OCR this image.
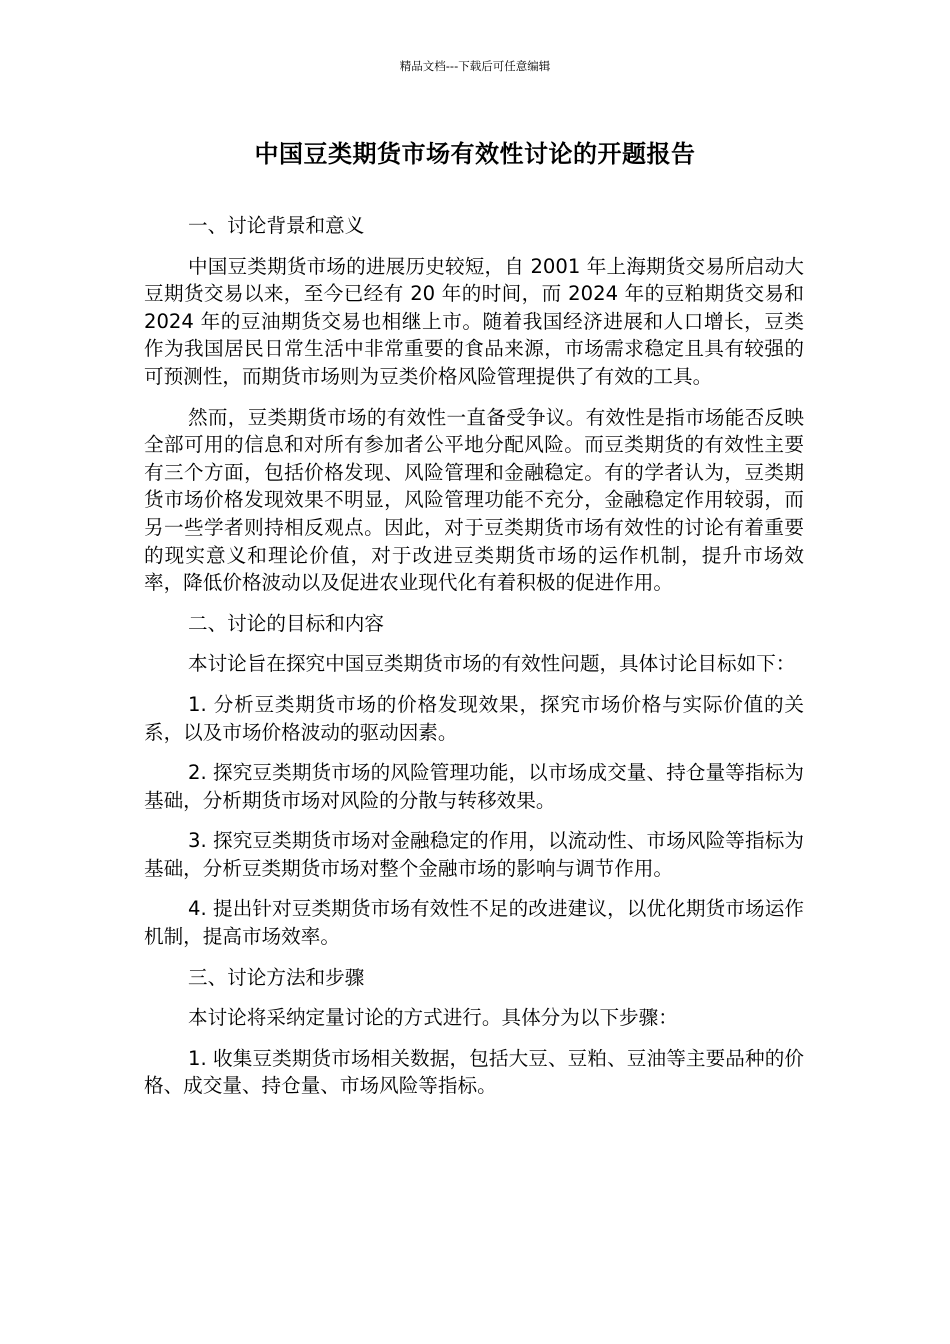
精品文档---下载后可任意编辑
中国豆类期货市场有效性讨论的开题报告

一、讨论背景和意义

中国豆类期货市场的进展历史较短，自 2001 年上海期货交易所启动大豆期货交易以来，至今已经有 20 年的时间，而 2024 年的豆粕期货交易和 2024 年的豆油期货交易也相继上市。随着我国经济进展和人口增长，豆类作为我国居民日常生活中非常重要的食品来源，市场需求稳定且具有较强的可预测性，而期货市场则为豆类价格风险管理提供了有效的工具。

然而，豆类期货市场的有效性一直备受争议。有效性是指市场能否反映全部可用的信息和对所有参加者公平地分配风险。而豆类期货的有效性主要有三个方面，包括价格发现、风险管理和金融稳定。有的学者认为，豆类期货市场价格发现效果不明显，风险管理功能不充分，金融稳定作用较弱，而另一些学者则持相反观点。因此，对于豆类期货市场有效性的讨论有着重要的现实意义和理论价值，对于改进豆类期货市场的运作机制，提升市场效率，降低价格波动以及促进农业现代化有着积极的促进作用。

二、讨论的目标和内容

本讨论旨在探究中国豆类期货市场的有效性问题，具体讨论目标如下：

1. 分析豆类期货市场的价格发现效果，探究市场价格与实际价值的关系，以及市场价格波动的驱动因素。

2. 探究豆类期货市场的风险管理功能，以市场成交量、持仓量等指标为基础，分析期货市场对风险的分散与转移效果。

3. 探究豆类期货市场对金融稳定的作用，以流动性、市场风险等指标为基础，分析豆类期货市场对整个金融市场的影响与调节作用。

4. 提出针对豆类期货市场有效性不足的改进建议，以优化期货市场运作机制，提高市场效率。

三、讨论方法和步骤

本讨论将采纳定量讨论的方式进行。具体分为以下步骤：

1. 收集豆类期货市场相关数据，包括大豆、豆粕、豆油等主要品种的价格、成交量、持仓量、市场风险等指标。
